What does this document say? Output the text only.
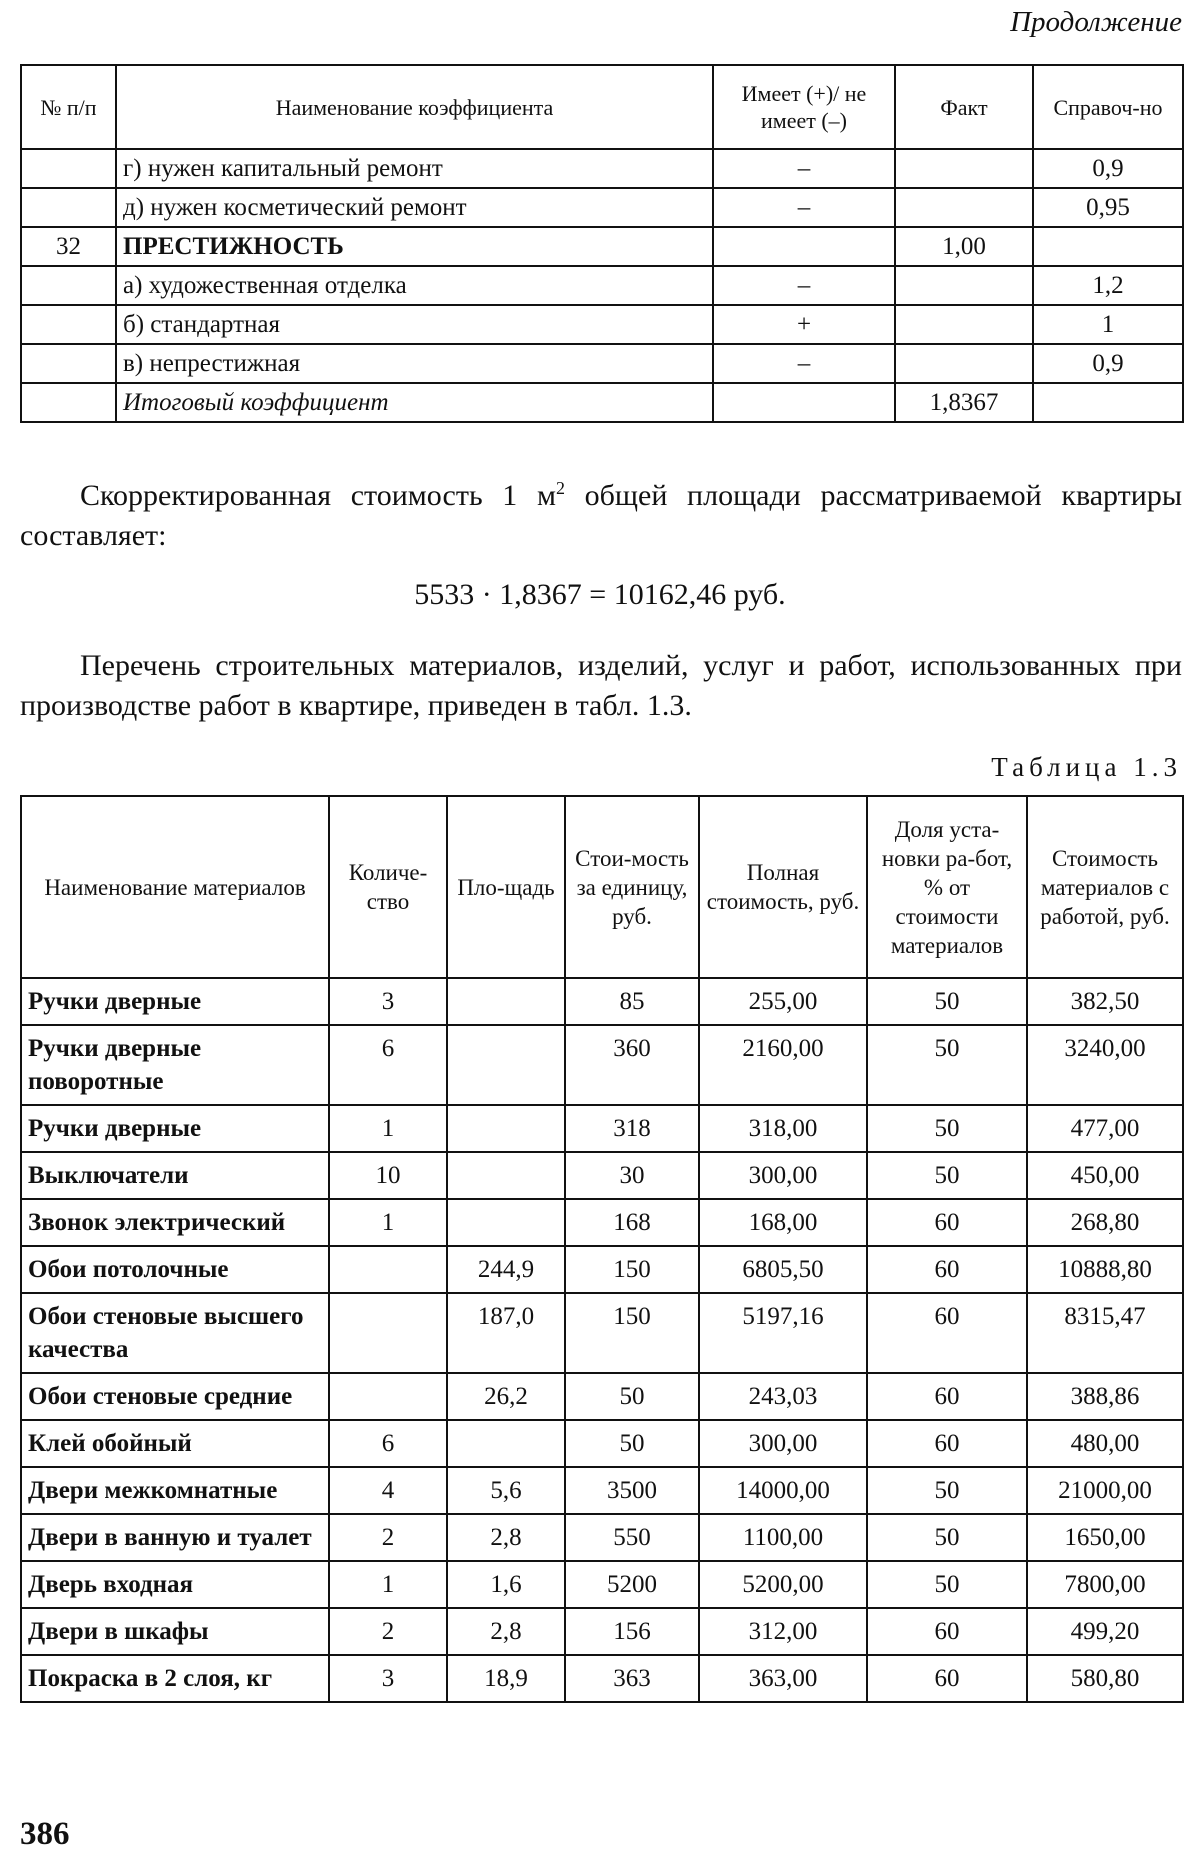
Продолжение
№ п/п	Наименование коэффициента	Имеет (+)/ не имеет (–)	Факт	Справоч-но
	г) нужен капитальный ремонт	–		0,9
	д) нужен косметический ремонт	–		0,95
32	ПРЕСТИЖНОСТЬ		1,00	
	а) художественная отделка	–		1,2
	б) стандартная	+		1
	в) непрестижная	–		0,9
	Итоговый коэффициент		1,8367	
Скорректированная стоимость 1 $м^2$ общей площади рассматриваемой квартиры составляет:
5533 · 1,8367 = 10162,46 руб.
Перечень строительных материалов, изделий, услуг и работ, использованных при производстве работ в квартире, приведен в табл. 1.3.
Таблица 1.3
Наименование материалов	Количе-ство	Пло-щадь	Стои-мость за единицу, руб.	Полная стоимость, руб.	Доля уста-новки ра-бот, % от стоимости материалов	Стоимость материалов с работой, руб.
Ручки дверные	3		85	255,00	50	382,50
Ручки дверные поворотные	6		360	2160,00	50	3240,00
Ручки дверные	1		318	318,00	50	477,00
Выключатели	10		30	300,00	50	450,00
Звонок электрический	1		168	168,00	60	268,80
Обои потолочные		244,9	150	6805,50	60	10888,80
Обои стеновые высшего качества		187,0	150	5197,16	60	8315,47
Обои стеновые средние		26,2	50	243,03	60	388,86
Клей обойный	6		50	300,00	60	480,00
Двери межкомнатные	4	5,6	3500	14000,00	50	21000,00
Двери в ванную и туалет	2	2,8	550	1100,00	50	1650,00
Дверь входная	1	1,6	5200	5200,00	50	7800,00
Двери в шкафы	2	2,8	156	312,00	60	499,20
Покраска в 2 слоя, кг	3	18,9	363	363,00	60	580,80
386
